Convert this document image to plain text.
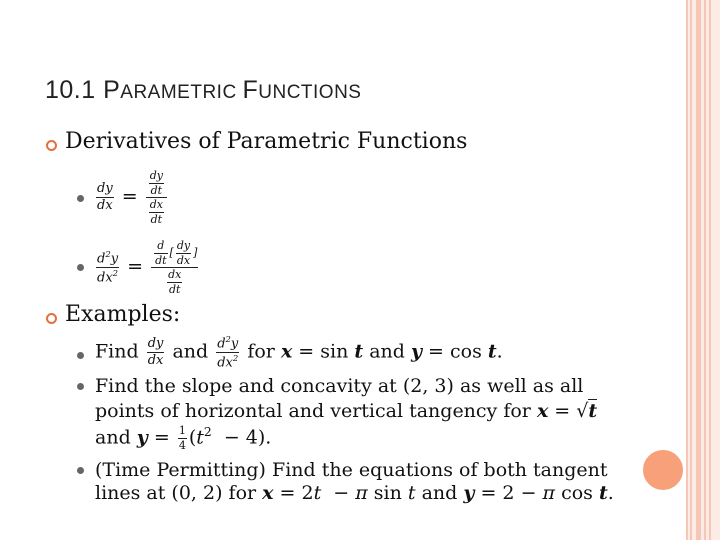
10.1 PARAMETRIC FUNCTIONS
Derivatives of Parametric Functions
$\frac{dy}{dx} = \frac{\frac{dy}{dt}}{\frac{dx}{dt}}$
$\frac{d^2y}{dx^2} = \frac{\frac{d}{dt} [ \frac{dy}{dx} ]}{\frac{dx}{dt}}$
Examples:
Find $\frac{dy}{dx}$ and $\frac{d^2y}{dx^2}$ for x = sin t and y = cos t.
Find the slope and concavity at (2, 3) as well as all
points of horizontal and vertical tangency for x = √t
and $y = \frac{1}{4} (t^2 - 4)$.
(Time Permitting) Find the equations of both tangent
lines at (0, 2) for x = 2t  − π sin t and y = 2 − π cos t.
